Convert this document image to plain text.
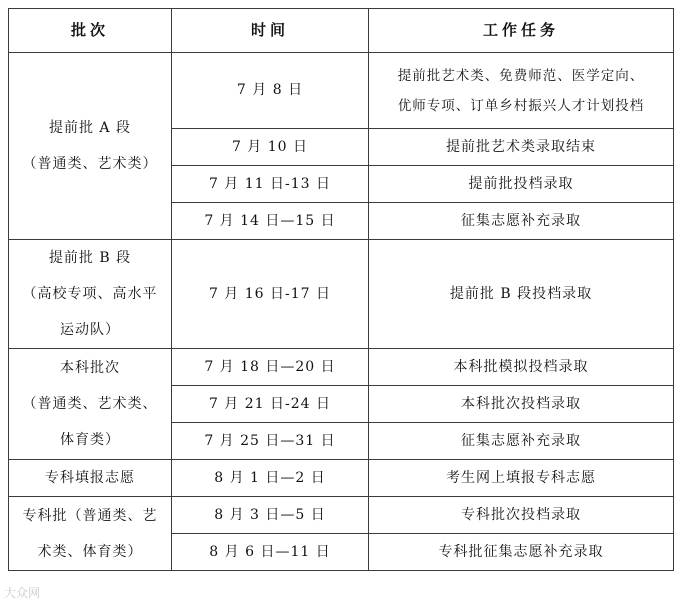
批次	时间	工作任务

提前批 A 段
（普通类、艺术类）	7 月 8 日	提前批艺术类、免费师范、医学定向、
优师专项、订单乡村振兴人才计划投档

	7 月 10 日	提前批艺术类录取结束
	7 月 11 日-13 日	提前批投档录取
	7 月 14 日—15 日	征集志愿补充录取

提前批 B 段
（高校专项、高水平
运动队）	7 月 16 日-17 日	提前批 B 段投档录取

本科批次
（普通类、艺术类、
体育类）	7 月 18 日—20 日	本科批模拟投档录取
	7 月 21 日-24 日	本科批次投档录取
	7 月 25 日—31 日	征集志愿补充录取
专科填报志愿	8 月 1 日—2 日	考生网上填报专科志愿

专科批（普通类、艺
术类、体育类）	8 月 3 日—5 日	专科批次投档录取
	8 月 6 日—11 日	专科批征集志愿补充录取
大众网
